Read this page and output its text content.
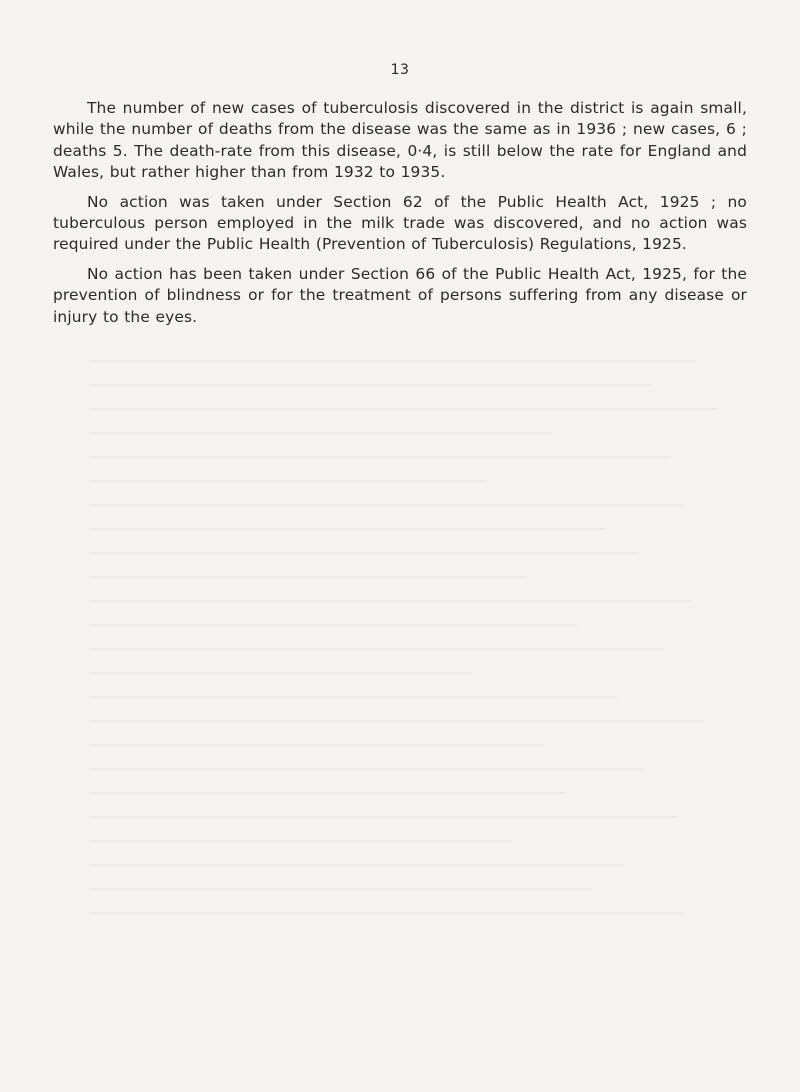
13

The number of new cases of tuberculosis discovered in the district is again small, while the number of deaths from the disease was the same as in 1936 ; new cases, 6 ; deaths 5. The death-rate from this disease, 0·4, is still below the rate for England and Wales, but rather higher than from 1932 to 1935.

No action was taken under Section 62 of the Public Health Act, 1925 ; no tuberculous person employed in the milk trade was discovered, and no action was required under the Public Health (Prevention of Tuberculosis) Regulations, 1925.

No action has been taken under Section 66 of the Public Health Act, 1925, for the prevention of blindness or for the treatment of persons suffering from any disease or injury to the eyes.
